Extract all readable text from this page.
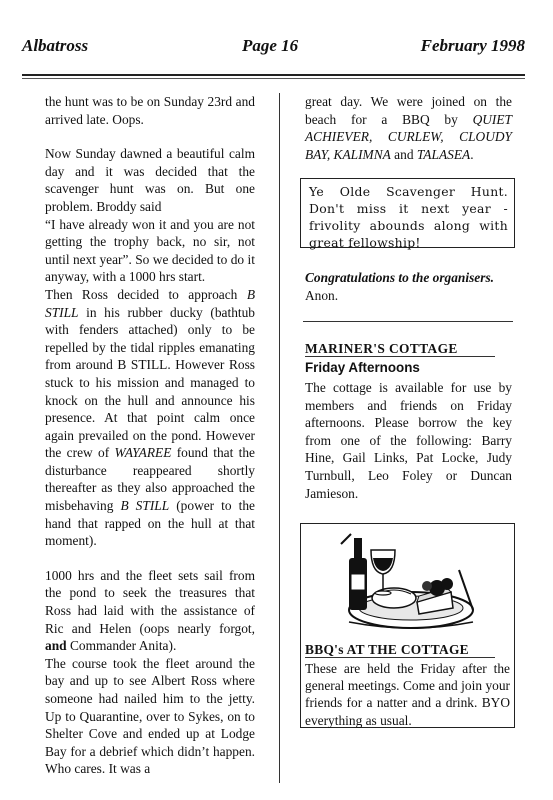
Albatross	Page 16	February 1998

the hunt was to be on Sunday 23rd and arrived late. Oops.

Now Sunday dawned a beautiful calm day and it was decided that the scavenger hunt was on. But one problem. Broddy said

“I have already won it and you are not getting the trophy back, no sir, not until next year”. So we decided to do it anyway, with a 1000 hrs start.

Then Ross decided to approach B STILL in his rubber ducky (bathtub with fenders attached) only to be repelled by the tidal ripples emanating from around B STILL. However Ross stuck to his mission and managed to knock on the hull and announce his presence. At that point calm once again prevailed on the pond. However the crew of WAYAREE found that the disturbance reappeared shortly thereafter as they also approached the misbehaving B STILL (power to the hand that rapped on the hull at that moment).

1000 hrs and the fleet sets sail from the pond to seek the treasures that Ross had laid with the assistance of Ric and Helen (oops nearly forgot, and Commander Anita).

The course took the fleet around the bay and up to see Albert Ross where someone had nailed him to the jetty. Up to Quarantine, over to Sykes, on to Shelter Cove and ended up at Lodge Bay for a debrief which didn’t happen. Who cares. It was a

great day. We were joined on the beach for a BBQ by QUIET ACHIEVER, CURLEW, CLOUDY BAY, KALIMNA and TALASEA.

Ye Olde Scavenger Hunt. Don't miss it next year - frivolity abounds along with great fellowship!
Congratulations to the organisers.
Anon.
MARINER'S COTTAGE
Friday Afternoons
The cottage is available for use by members and friends on Friday afternoons. Please borrow the key from one of the following: Barry Hine, Gail Links, Pat Locke, Judy Turnbull, Leo Foley or Duncan Jamieson.
BBQ's AT THE COTTAGE
These are held the Friday after the general meetings. Come and join your friends for a natter and a drink. BYO everything as usual.
